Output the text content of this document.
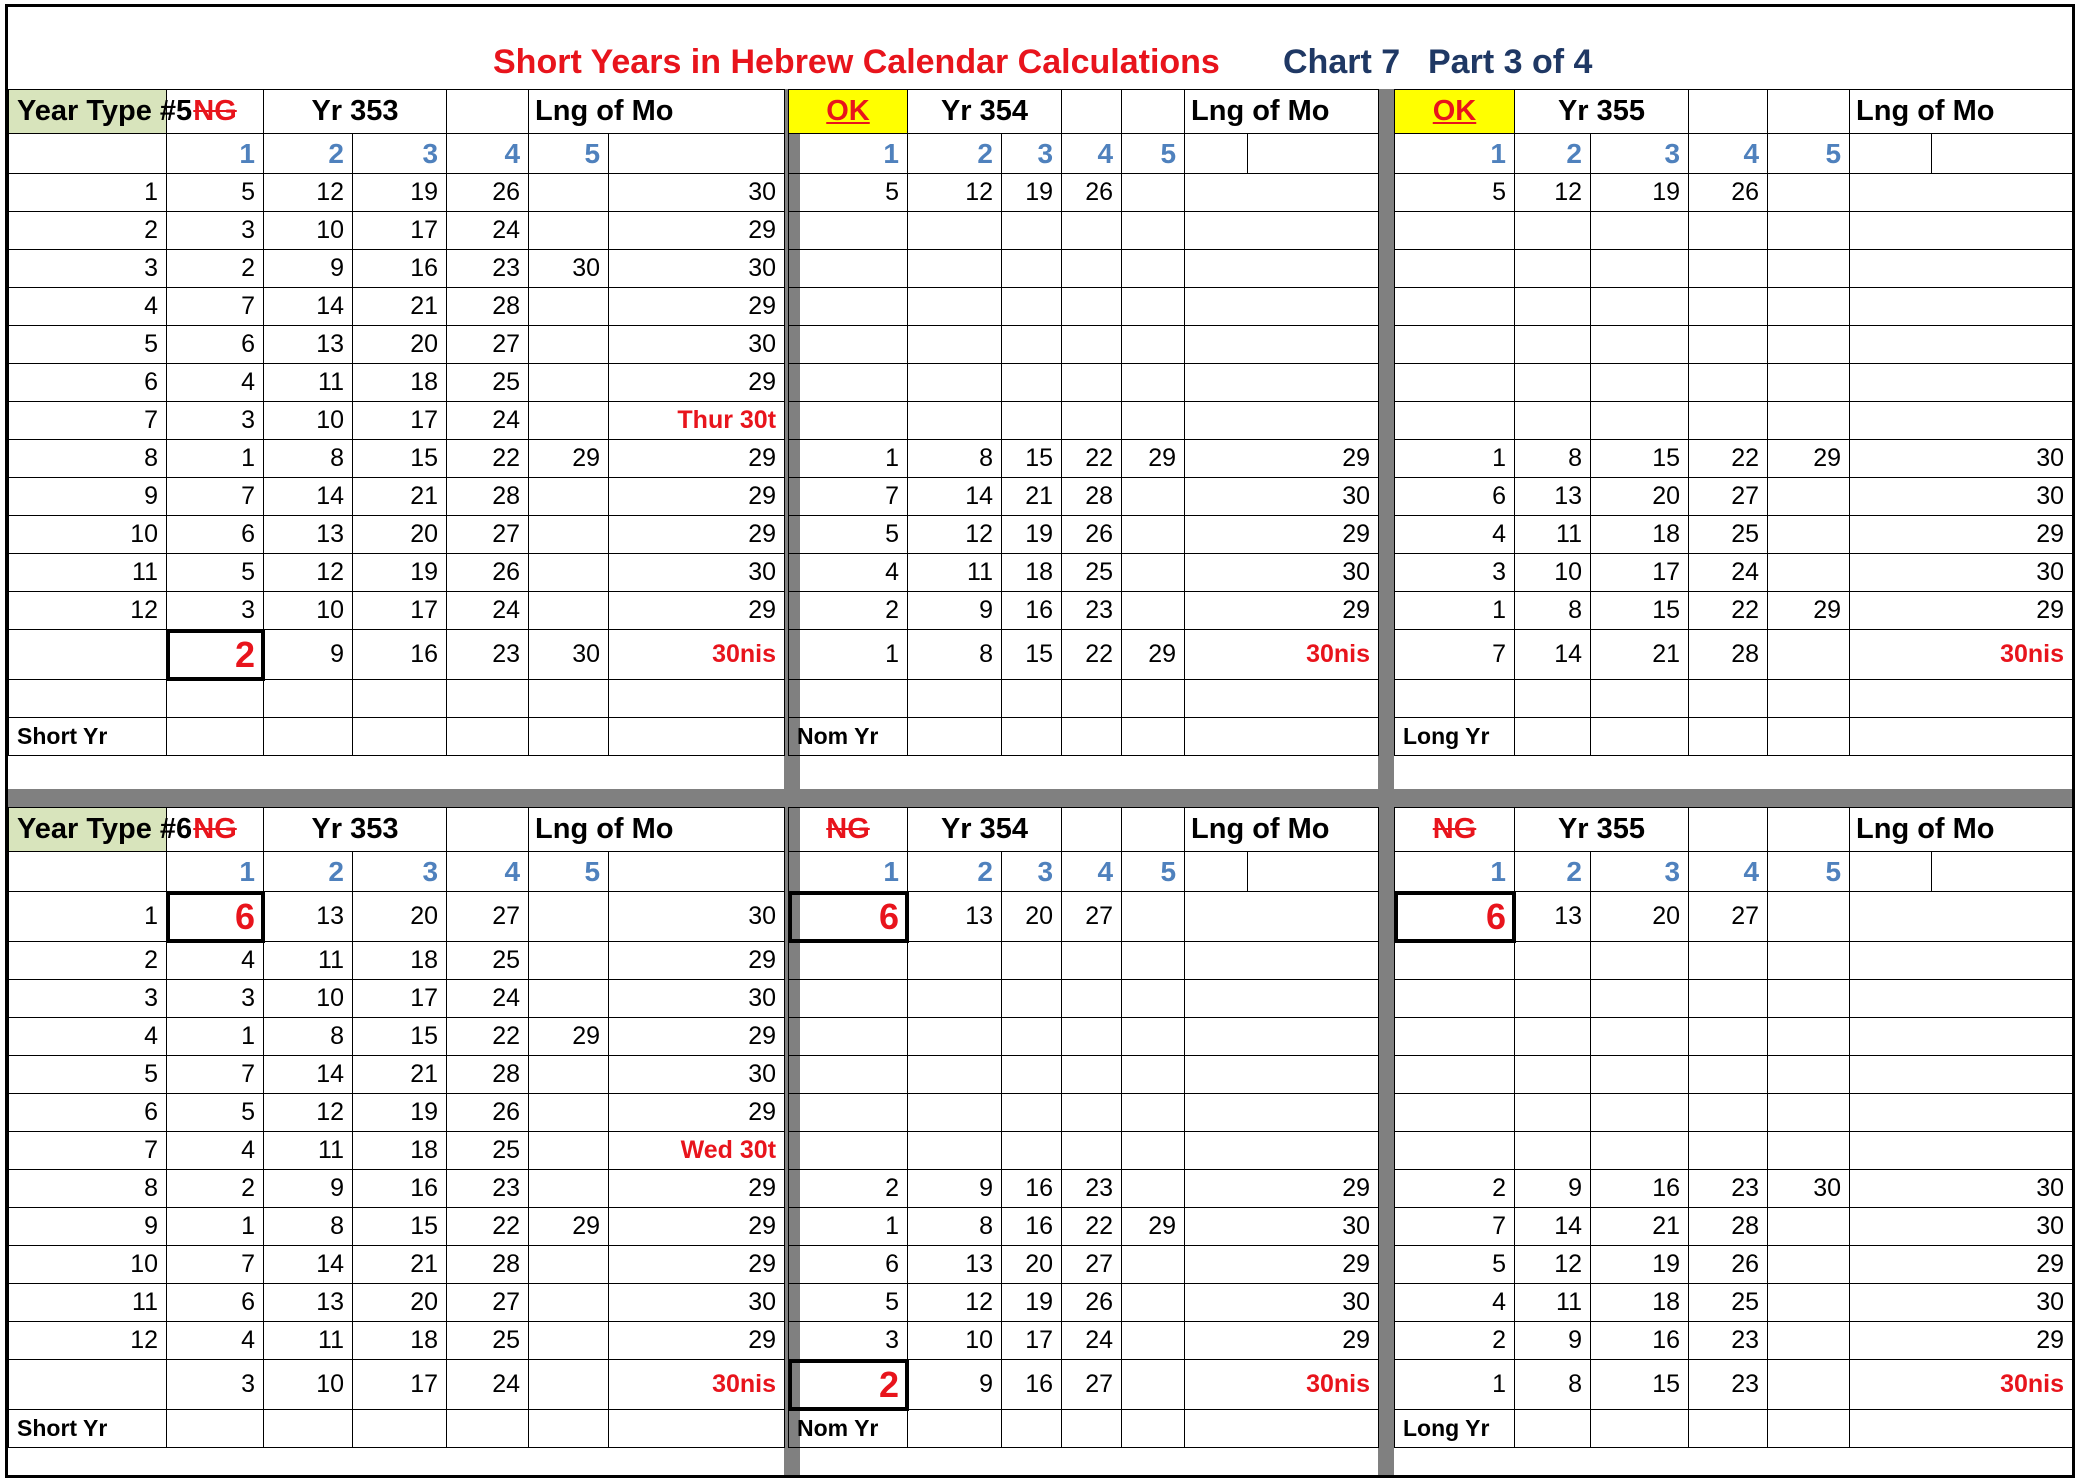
Short Years in Hebrew Calendar Calculations Chart 7 Part 3 of 4
Year Type #5	NG	Yr 353			Lng of Mo	
	1	2	3	4	5	
1	5	12	19	26		30
2	3	10	17	24		29
3	2	9	16	23	30	30
4	7	14	21	28		29
5	6	13	20	27		30
6	4	11	18	25		29
7	3	10	17	24		Thur 30t
8	1	8	15	22	29	29
9	7	14	21	28		29
10	6	13	20	27		29
11	5	12	19	26		30
12	3	10	17	24		29
	2	9	16	23	30	30nis

Short Yr						
OK	Yr 354				Lng of Mo	
1	2	3	4	5		
5	12	19	26			

1	8	15	22	29	29	
7	14	21	28		30	
5	12	19	26		29	
4	11	18	25		30	
2	9	16	23		29	
1	8	15	22	29	30nis	

Nom Yr						
OK	Yr 355				Lng of Mo	
1	2	3	4	5		
5	12	19	26			

1	8	15	22	29	30	
6	13	20	27		30	
4	11	18	25		29	
3	10	17	24		30	
1	8	15	22	29	29	
7	14	21	28		30nis	

Long Yr						
Year Type #6	NG	Yr 353			Lng of Mo	
	1	2	3	4	5	
1	6	13	20	27		30
2	4	11	18	25		29
3	3	10	17	24		30
4	1	8	15	22	29	29
5	7	14	21	28		30
6	5	12	19	26		29
7	4	11	18	25		Wed 30t
8	2	9	16	23		29
9	1	8	15	22	29	29
10	7	14	21	28		29
11	6	13	20	27		30
12	4	11	18	25		29
	3	10	17	24		30nis
Short Yr						
NG	Yr 354				Lng of Mo	
1	2	3	4	5		
6	13	20	27			

2	9	16	23		29	
1	8	16	22	29	30	
6	13	20	27		29	
5	12	19	26		30	
3	10	17	24		29	
2	9	16	27		30nis	
Nom Yr						
NG	Yr 355				Lng of Mo	
1	2	3	4	5		
6	13	20	27			

2	9	16	23	30	30	
7	14	21	28		30	
5	12	19	26		29	
4	11	18	25		30	
2	9	16	23		29	
1	8	15	23		30nis	
Long Yr						
